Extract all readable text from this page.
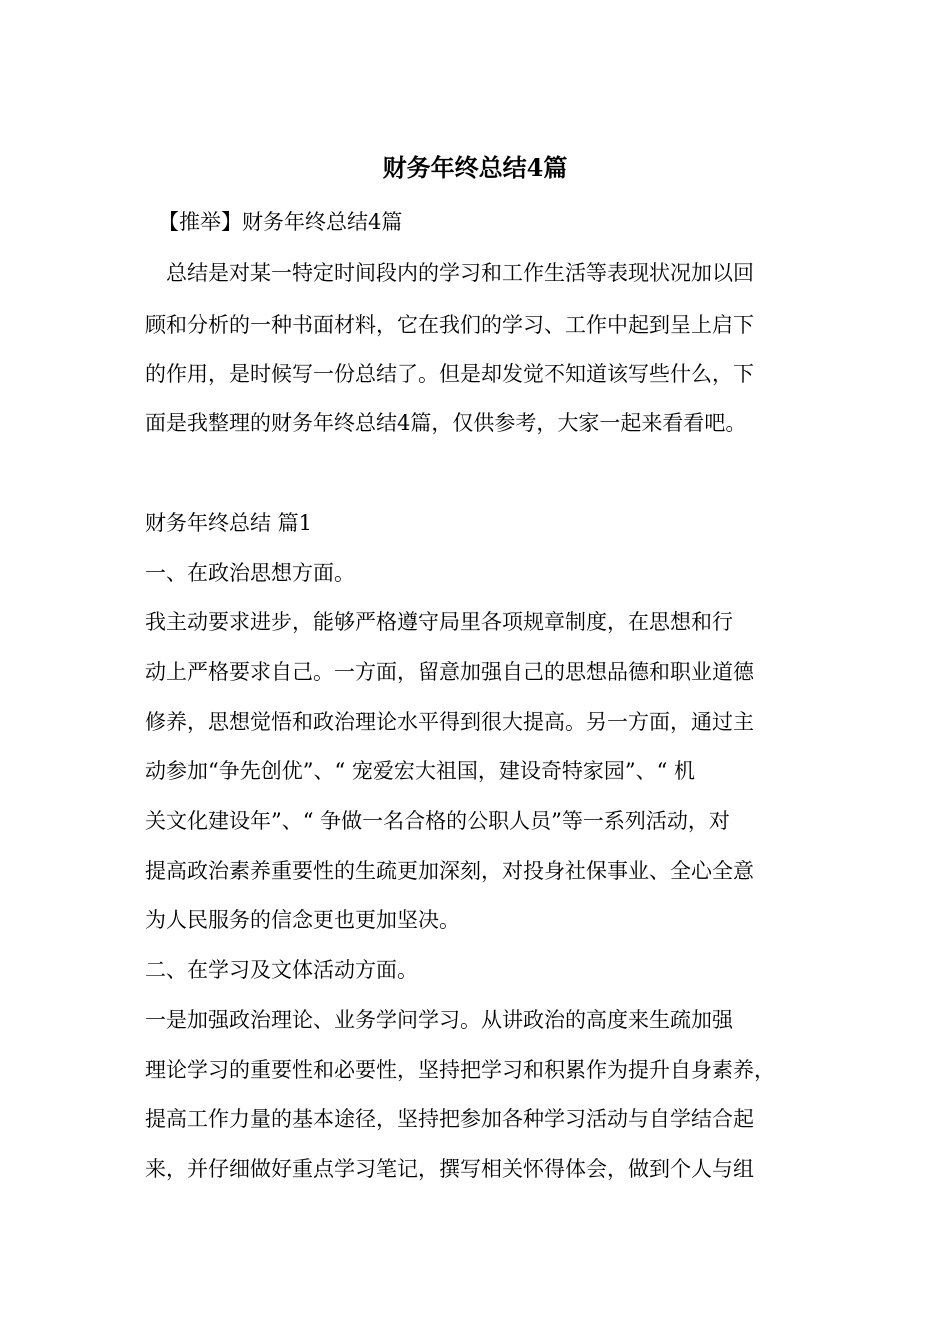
财务年终总结4篇

【推举】财务年终总结4篇

　总结是对某一特定时间段内的学习和工作生活等表现状况加以回

顾和分析的一种书面材料，它在我们的学习、工作中起到呈上启下

的作用，是时候写一份总结了。但是却发觉不知道该写些什么，下

面是我整理的财务年终总结4篇，仅供参考，大家一起来看看吧。

财务年终总结 篇1

一、在政治思想方面。

我主动要求进步，能够严格遵守局里各项规章制度，在思想和行

动上严格要求自己。一方面，留意加强自己的思想品德和职业道德

修养，思想觉悟和政治理论水平得到很大提高。另一方面，通过主

动参加“争先创优”、“ 宠爱宏大祖国，建设奇特家园”、“ 机

关文化建设年”、“ 争做一名合格的公职人员”等一系列活动，对

提高政治素养重要性的生疏更加深刻，对投身社保事业、全心全意

为人民服务的信念更也更加坚决。

二、在学习及文体活动方面。

一是加强政治理论、业务学问学习。从讲政治的高度来生疏加强

理论学习的重要性和必要性，坚持把学习和积累作为提升自身素养，

提高工作力量的基本途径，坚持把参加各种学习活动与自学结合起

来，并仔细做好重点学习笔记，撰写相关怀得体会，做到个人与组
